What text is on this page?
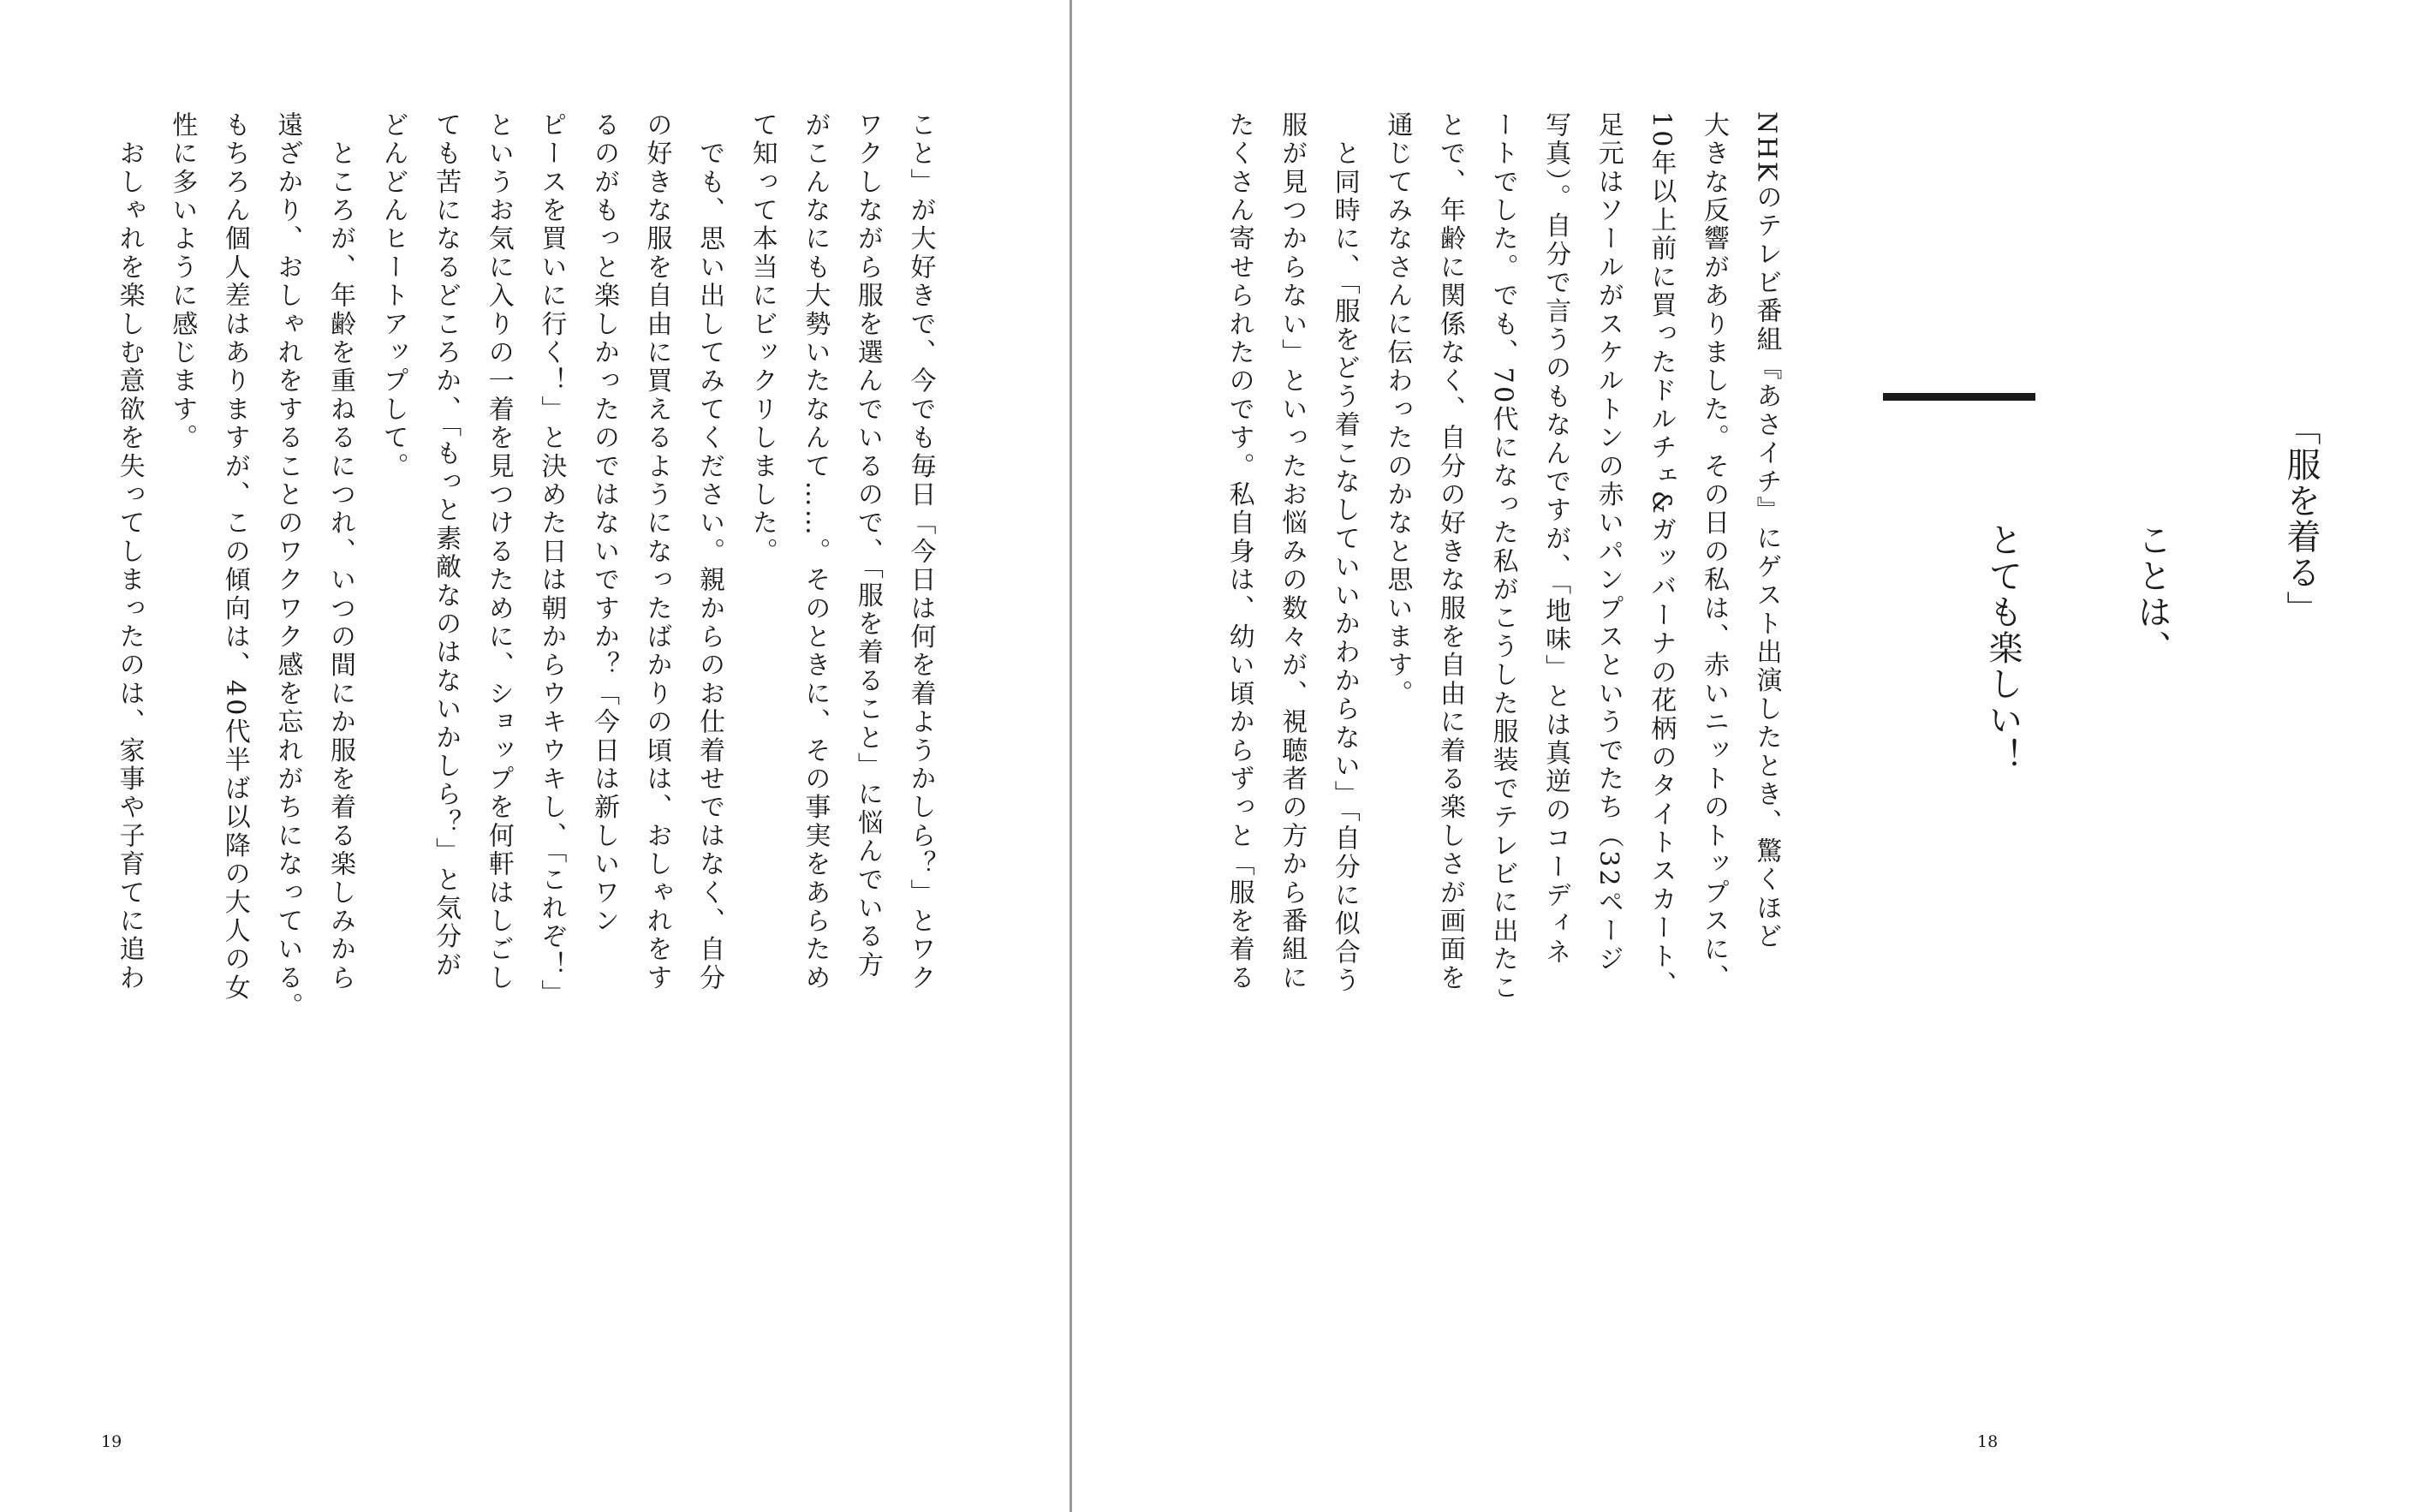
こと」が大好きで、今でも毎日「今日は何を着ようかしら？」とワク
ワクしながら服を選んでいるので、「服を着ること」に悩んでいる方
がこんなにも大勢いたなんて……。そのときに、その事実をあらため
て知って本当にビックリしました。
　でも、思い出してみてください。親からのお仕着せではなく、自分
の好きな服を自由に買えるようになったばかりの頃は、おしゃれをす
るのがもっと楽しかったのではないですか？「今日は新しいワン
ピースを買いに行く！」と決めた日は朝からウキウキし、「これぞ！」
というお気に入りの一着を見つけるために、ショップを何軒はしごし
ても苦になるどころか、「もっと素敵なのはないかしら？」と気分が
どんどんヒートアップして。
　ところが、年齢を重ねるにつれ、いつの間にか服を着る楽しみから
遠ざかり、おしゃれをすることのワクワク感を忘れがちになっている。
もちろん個人差はありますが、この傾向は、40代半ば以降の大人の女
性に多いように感じます。
　おしゃれを楽しむ意欲を失ってしまったのは、家事や子育てに追わ
19

「服を着る」

ことは、

とても楽しい！

NHKのテレビ番組『あさイチ』にゲスト出演したとき、驚くほど
大きな反響がありました。その日の私は、赤いニットのトップスに、
10年以上前に買ったドルチェ&ガッバーナの花柄のタイトスカート、
足元はソールがスケルトンの赤いパンプスというでたち（32ページ
写真）。自分で言うのもなんですが、「地味」とは真逆のコーディネ
ートでした。でも、70代になった私がこうした服装でテレビに出たこ
とで、年齢に関係なく、自分の好きな服を自由に着る楽しさが画面を
通じてみなさんに伝わったのかなと思います。
　と同時に、「服をどう着こなしていいかわからない」「自分に似合う
服が見つからない」といったお悩みの数々が、視聴者の方から番組に
たくさん寄せられたのです。私自身は、幼い頃からずっと「服を着る
18
